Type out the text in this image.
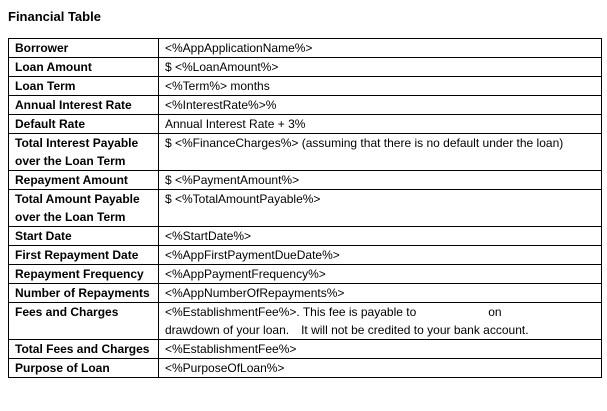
Financial Table

Borrower	<%AppApplicationName%>
Loan Amount	$ <%LoanAmount%>
Loan Term	<%Term%> months
Annual Interest Rate	<%InterestRate%>%
Default Rate	Annual Interest Rate + 3%
Total Interest Payable over the Loan Term	$ <%FinanceCharges%> (assuming that there is no default under the loan)
Repayment Amount	$ <%PaymentAmount%>
Total Amount Payable over the Loan Term	$ <%TotalAmountPayable%>
Start Date	<%StartDate%>
First Repayment Date	<%AppFirstPaymentDueDate%>
Repayment Frequency	<%AppPaymentFrequency%>
Number of Repayments	<%AppNumberOfRepayments%>
Fees and Charges	<%EstablishmentFee%>. This fee is payable to on
drawdown of your loan. It will not be credited to your bank account.
Total Fees and Charges	<%EstablishmentFee%>
Purpose of Loan	<%PurposeOfLoan%>
